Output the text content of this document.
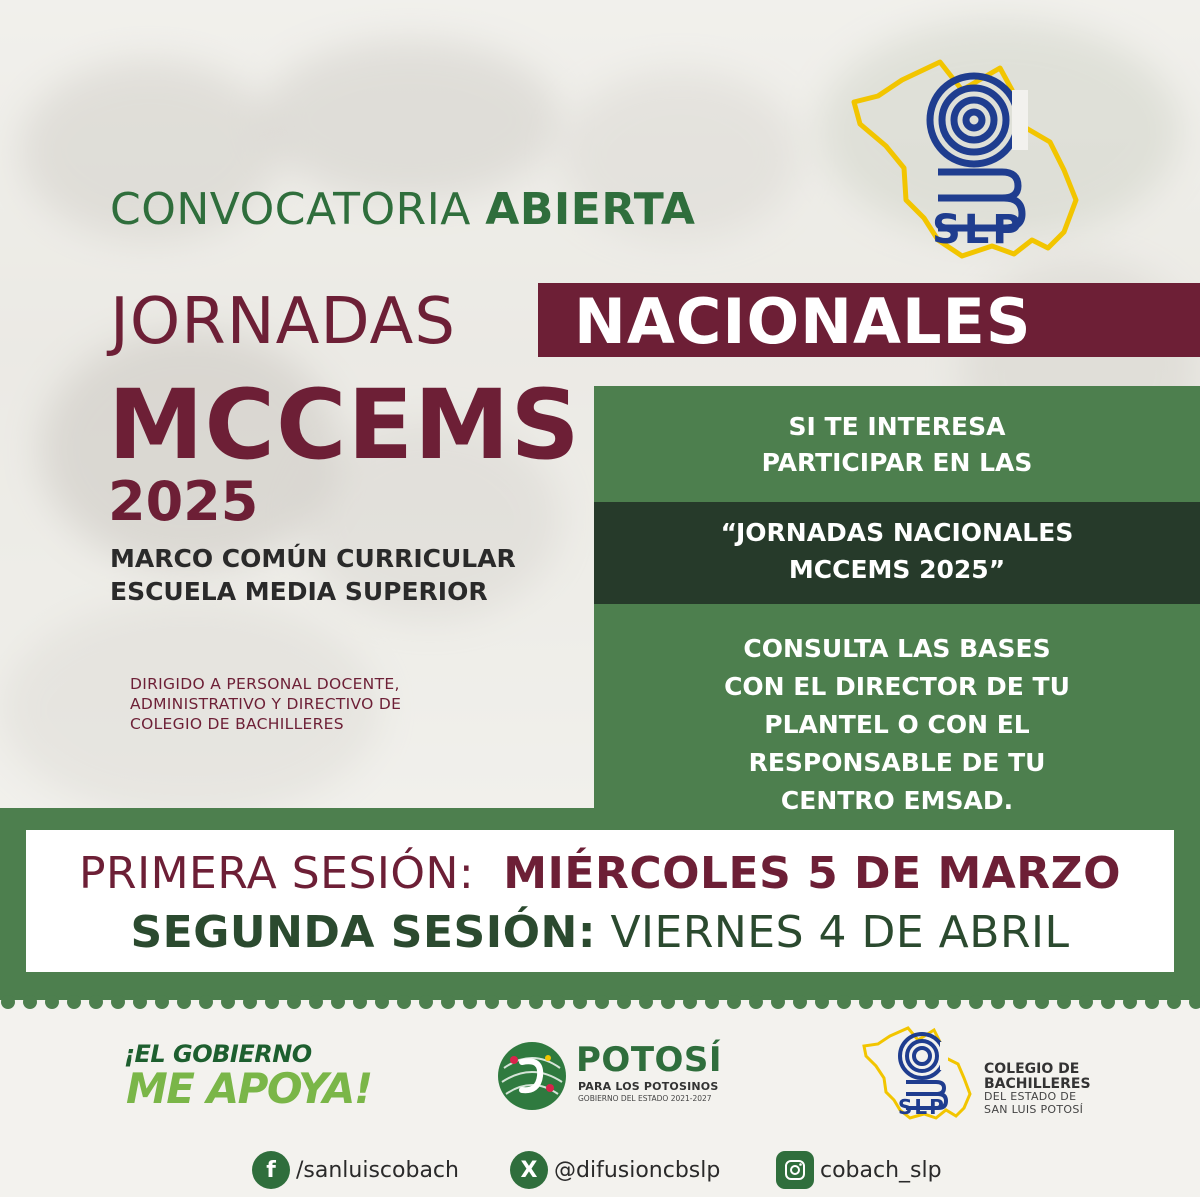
CONVOCATORIA ABIERTA	SLP
JORNADAS NACIONALES
MCCEMS
2025
MARCO COMÚN CURRICULAR
ESCUELA MEDIA SUPERIOR
DIRIGIDO A PERSONAL DOCENTE,
ADMINISTRATIVO Y DIRECTIVO DE
COLEGIO DE BACHILLERES
SI TE INTERESA
PARTICIPAR EN LAS
“JORNADAS NACIONALES
MCCEMS 2025”
CONSULTA LAS BASES
CON EL DIRECTOR DE TU
PLANTEL O CON EL
RESPONSABLE DE TU
CENTRO EMSAD.
PRIMERA SESIÓN: MIÉRCOLES 5 DE MARZO
SEGUNDA SESIÓN: VIERNES 4 DE ABRIL
¡EL GOBIERNO
ME APOYA!
POTOSÍ
PARA LOS POTOSINOS
GOBIERNO DEL ESTADO 2021-2027	SLP
COLEGIO DE
BACHILLERES
DEL ESTADO DE
SAN LUIS POTOSÍ
f /sanluiscobach	X @difusioncbslp	cobach_slp
